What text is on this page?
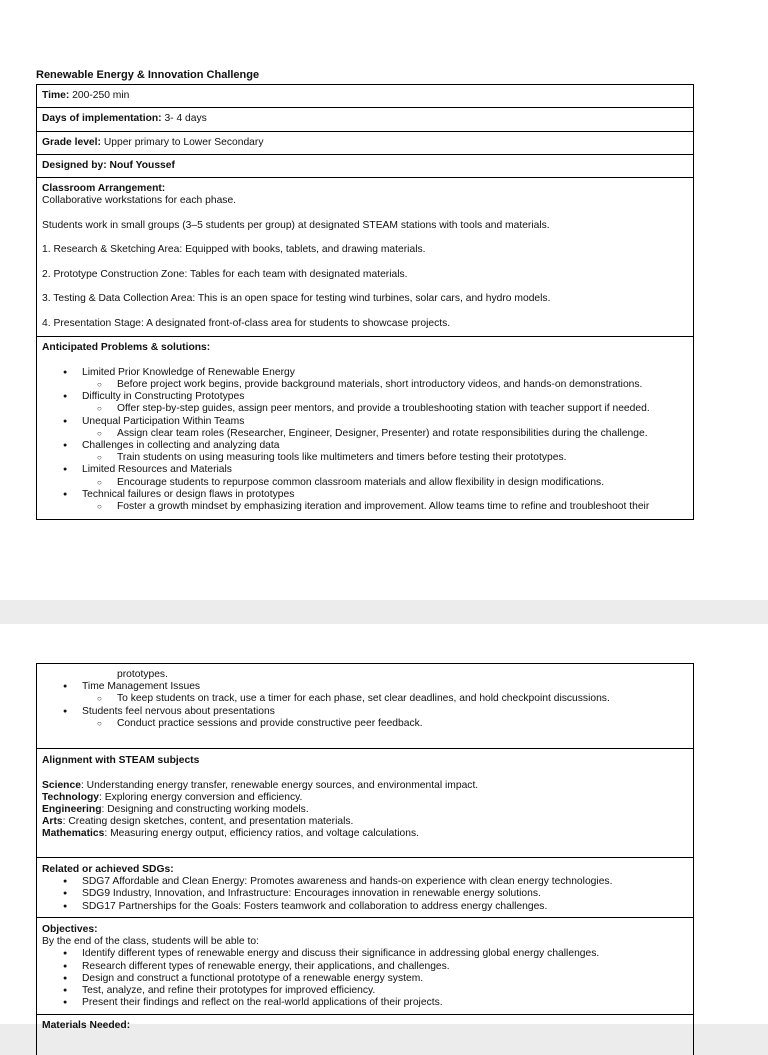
Renewable Energy & Innovation Challenge
Time: 200-250 min
Days of implementation: 3- 4 days
Grade level: Upper primary to Lower Secondary
Designed by: Nouf Youssef

Classroom Arrangement:

Collaborative workstations for each phase.

Students work in small groups (3–5 students per group) at designated STEAM stations with tools and materials.

1. Research & Sketching Area: Equipped with books, tablets, and drawing materials.

2. Prototype Construction Zone: Tables for each team with designated materials.

3. Testing & Data Collection Area: This is an open space for testing wind turbines, solar cars, and hydro models.

4. Presentation Stage: A designated front-of-class area for students to showcase projects.

Anticipated Problems & solutions:

● Limited Prior Knowledge of Renewable Energy
○ Before project work begins, provide background materials, short introductory videos, and hands-on demonstrations.
● Difficulty in Constructing Prototypes
○ Offer step-by-step guides, assign peer mentors, and provide a troubleshooting station with teacher support if needed.
● Unequal Participation Within Teams
○ Assign clear team roles (Researcher, Engineer, Designer, Presenter) and rotate responsibilities during the challenge.
● Challenges in collecting and analyzing data
○ Train students on using measuring tools like multimeters and timers before testing their prototypes.
● Limited Resources and Materials
○ Encourage students to repurpose common classroom materials and allow flexibility in design modifications.
● Technical failures or design flaws in prototypes
○ Foster a growth mindset by emphasizing iteration and improvement. Allow teams time to refine and troubleshoot their

prototypes.

● Time Management Issues
○ To keep students on track, use a timer for each phase, set clear deadlines, and hold checkpoint discussions.
● Students feel nervous about presentations
○ Conduct practice sessions and provide constructive peer feedback.

Alignment with STEAM subjects

Science: Understanding energy transfer, renewable energy sources, and environmental impact.

Technology: Exploring energy conversion and efficiency.

Engineering: Designing and constructing working models.

Arts: Creating design sketches, content, and presentation materials.

Mathematics: Measuring energy output, efficiency ratios, and voltage calculations.

Related or achieved SDGs:

● SDG7 Affordable and Clean Energy: Promotes awareness and hands-on experience with clean energy technologies.
● SDG9 Industry, Innovation, and Infrastructure: Encourages innovation in renewable energy solutions.
● SDG17 Partnerships for the Goals: Fosters teamwork and collaboration to address energy challenges.

Objectives:

By the end of the class, students will be able to:

● Identify different types of renewable energy and discuss their significance in addressing global energy challenges.
● Research different types of renewable energy, their applications, and challenges.
● Design and construct a functional prototype of a renewable energy system.
● Test, analyze, and refine their prototypes for improved efficiency.
● Present their findings and reflect on the real-world applications of their projects.

Materials Needed:
